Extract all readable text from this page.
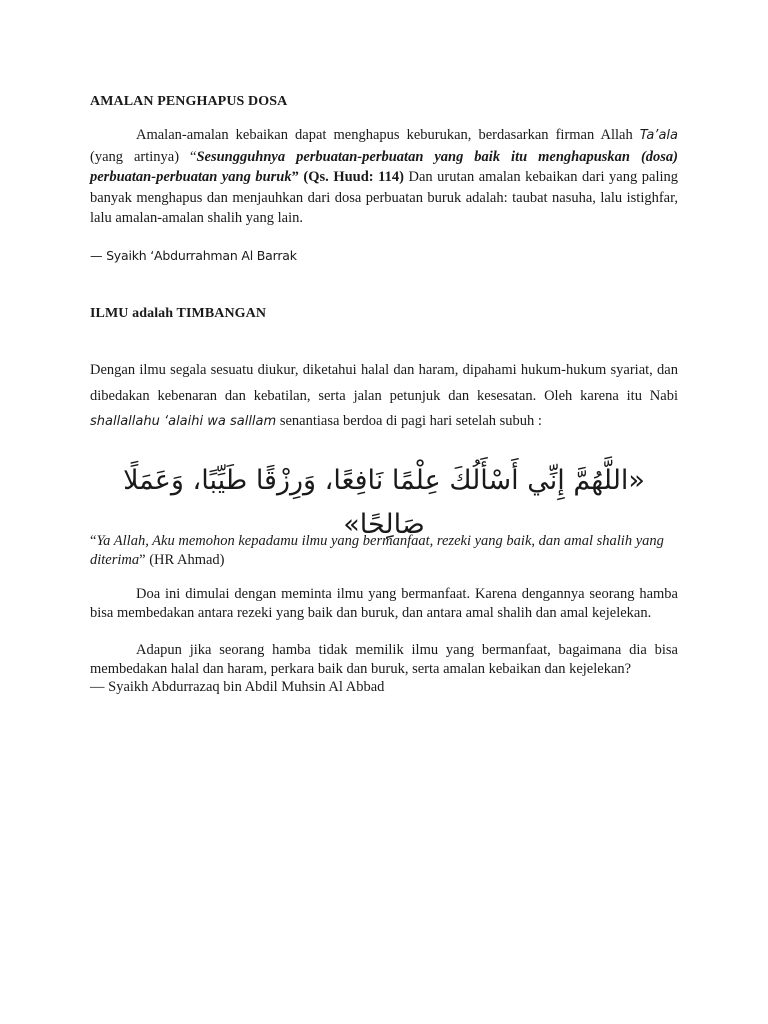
AMALAN PENGHAPUS DOSA
Amalan-amalan kebaikan dapat menghapus keburukan, berdasarkan firman Allah Ta’ala (yang artinya) “Sesungguhnya perbuatan-perbuatan yang baik itu menghapuskan (dosa) perbuatan-perbuatan yang buruk” (Qs. Huud: 114) Dan urutan amalan kebaikan dari yang paling banyak menghapus dan menjauhkan dari dosa perbuatan buruk adalah: taubat nasuha, lalu istighfar, lalu amalan-amalan shalih yang lain.
— Syaikh ‘Abdurrahman Al Barrak
ILMU adalah TIMBANGAN
Dengan ilmu segala sesuatu diukur, diketahui halal dan haram, dipahami hukum-hukum syariat, dan dibedakan kebenaran dan kebatilan, serta jalan petunjuk dan kesesatan. Oleh karena itu Nabi shallallahu ‘alaihi wa salllam senantiasa berdoa di pagi hari setelah subuh :
«اللَّهُمَّ إِنِّي أَسْأَلُكَ عِلْمًا نَافِعًا، وَرِزْقًا طَيِّبًا، وَعَمَلًا صَالِحًا»
“Ya Allah, Aku memohon kepadamu ilmu yang bermanfaat, rezeki yang baik, dan amal shalih yang diterima” (HR Ahmad)
Doa ini dimulai dengan meminta ilmu yang bermanfaat. Karena dengannya seorang hamba bisa membedakan antara rezeki yang baik dan buruk, dan antara amal shalih dan amal kejelekan.
Adapun jika seorang hamba tidak memilik ilmu yang bermanfaat, bagaimana dia bisa membedakan halal dan haram, perkara baik dan buruk, serta amalan kebaikan dan kejelekan?
— Syaikh Abdurrazaq bin Abdil Muhsin Al Abbad
